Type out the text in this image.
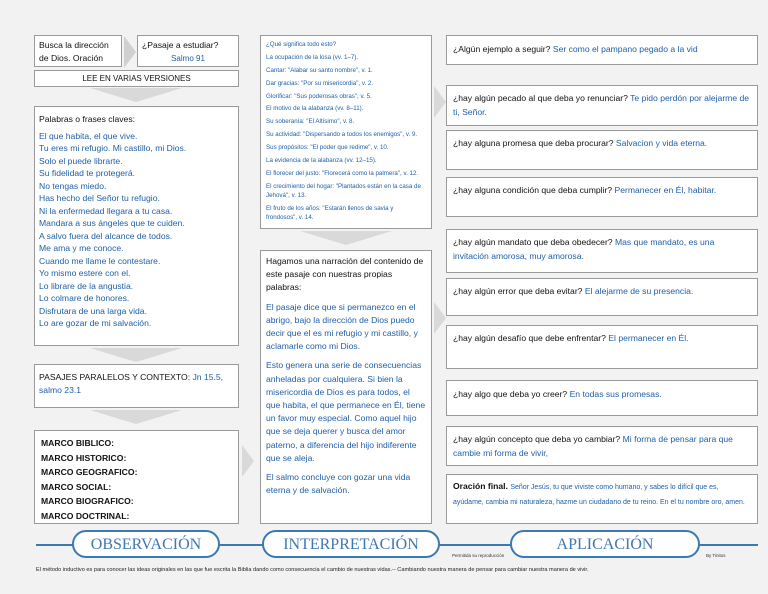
Busca la dirección de Dios. Oración
¿Pasaje a estudiar?
Salmo 91
LEE EN VARIAS VERSIONES
Palabras o frases claves:
El que habita, el que vive.
Tu eres mi refugio. Mi castillo, mi Dios.
Solo el puede librarte.
Su fidelidad te protegerá.
No tengas miedo.
Has hecho del Señor tu refugio.
Ni la enfermedad llegara a tu casa.
Mandara a sus ángeles que te cuiden.
A salvo fuera del alcance de todos.
Me ama y me conoce.
Cuando me llame le contestare.
Yo mismo estere con el.
Lo librare de la angustia.
Lo colmare de honores.
Disfrutara de una larga vida.
Lo are gozar de mi salvación.
PASAJES PARALELOS Y CONTEXTO: Jn 15.5, salmo 23.1
MARCO BIBLICO:
MARCO HISTORICO:
MARCO GEOGRAFICO:
MARCO SOCIAL:
MARCO BIOGRAFICO:
MARCO DOCTRINAL:
¿Qué significa todo esto?
La ocupación de la losa (vv. 1–7).
Cantar: "Alabar su santo nombre", v. 1.
Dar gracias: "Por su misericordia", v. 2.
Glorificar: "Sus poderosas obras", v. 5.
El motivo de la alabanza (vv. 8–11).
Su soberanía: "El Altísimo", v. 8.
Su actividad: "Dispersando a todos los enemigos", v. 9.
Sus propósitos: "El poder que redime", v. 10.
La evidencia de la alabanza (vv. 12–15).
El florecer del justo: "Florecerá como la palmera", v. 12.
El crecimiento del hogar: "Plantados están en la casa de Jehová", v. 13.
El fruto de los años: "Estarán llenos de savia y frondosos", v. 14.
Hagamos una narración del contenido de este pasaje con nuestras propias palabras:
El pasaje dice que si permanezco en el abrigo, bajo la dirección de Dios puedo decir que el es mi refugio y mi castillo, y aclamarle como mi Dios.
Esto genera una serie de consecuencias anheladas por cualquiera. Si bien la misericordia de Dios es para todos, el que habita, el que permanece en Él, tiene un favor muy especial. Como aquel hijo que se deja querer y busca del amor paterno, a diferencia del hijo indiferente que se aleja.
El salmo concluye con gozar una vida eterna y de salvación.
¿Algún ejemplo a seguir? Ser como el pampano pegado a la vid
¿hay algún pecado al que deba yo renunciar? Te pido perdón por alejarme de ti, Señor.
¿hay alguna promesa que deba procurar? Salvacion y vida eterna.
¿hay alguna condición que deba cumplir? Permanecer en Él, habitar.
¿hay algún mandato que deba obedecer? Mas que mandato, es una invitación amorosa, muy amorosa.
¿hay algún error que deba evitar? El alejarme de su presencia.
¿hay algún desafío que debe enfrentar? El permanecer en Él.
¿hay algo que deba yo creer? En todas sus promesas.
¿hay algún concepto que deba yo cambiar? Mi forma de pensar para que cambie mi forma de vivir,
Oración final. Señor Jesús, tu que viviste como humano, y sabes lo difícil que es, ayúdame, cambia mi naturaleza, hazme un ciudadano de tu reino. En el tu nombre oro, amen.
OBSERVACIÓN	INTERPRETACIÓN	APLICACIÓN
Permitida su reproducción	By Tinitos
El método inductivo es para conocer las ideas originales en las que fue escrita la Biblia dando como consecuencia el cambio de nuestras vidas.-- Cambiando nuestra manera de pensar para cambiar nuestra manera de vivir.
